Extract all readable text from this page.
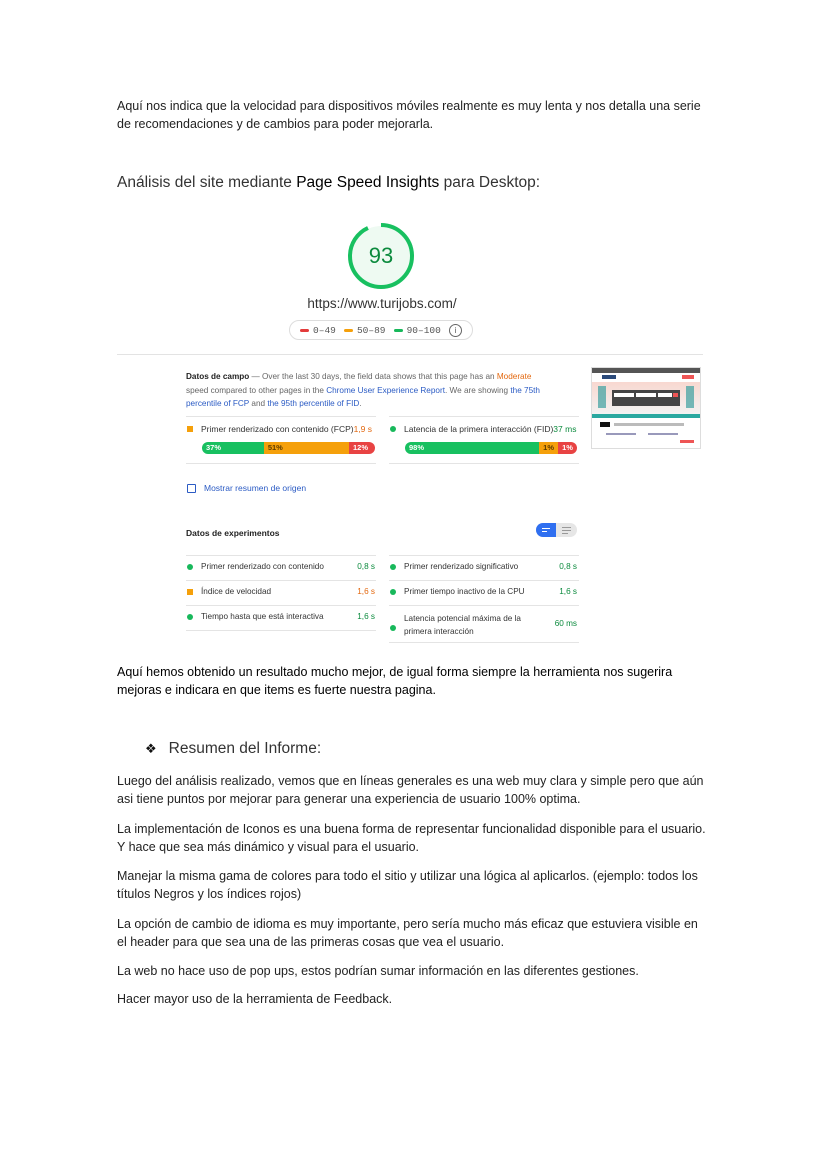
Aquí nos indica que la velocidad para dispositivos móviles realmente es muy lenta y nos detalla una serie de recomendaciones y de cambios para poder mejorarla.
Análisis del site mediante Page Speed Insights para Desktop:
93
https://www.turijobs.com/
0–49 50–89 90–100	i
Datos de campo — Over the last 30 days, the field data shows that this page has an Moderate speed compared to other pages in the Chrome User Experience Report. We are showing the 75th percentile of FCP and the 95th percentile of FID.
Primer renderizado con contenido (FCP) 1,9 s	Latencia de la primera interacción (FID) 37 ms
37%	51%	12%	98%	1%	1%
Mostrar resumen de origen
Datos de experimentos
Primer renderizado con contenido	0,8 s
Índice de velocidad	1,6 s
Tiempo hasta que está interactiva	1,6 s
Primer renderizado significativo	0,8 s
Primer tiempo inactivo de la CPU	1,6 s
Latencia potencial máxima de la primera interacción
60 ms
Aquí hemos obtenido un resultado mucho mejor, de igual forma siempre la herramienta nos sugerira mejoras e indicara en que items es fuerte nuestra pagina.
❖ Resumen del Informe:
Luego del análisis realizado, vemos que en líneas generales es una web muy clara y simple pero que aún asi tiene puntos por mejorar para generar una experiencia de usuario 100% optima.
La implementación de Iconos es una buena forma de representar funcionalidad disponible para el usuario. Y hace que sea más dinámico y visual para el usuario.
Manejar la misma gama de colores para todo el sitio y utilizar una lógica al aplicarlos. (ejemplo: todos los títulos Negros y los índices rojos)
La opción de cambio de idioma es muy importante, pero sería mucho más eficaz que estuviera visible en el header para que sea una de las primeras cosas que vea el usuario.
La web no hace uso de pop ups, estos podrían sumar información en las diferentes gestiones.
Hacer mayor uso de la herramienta de Feedback.
